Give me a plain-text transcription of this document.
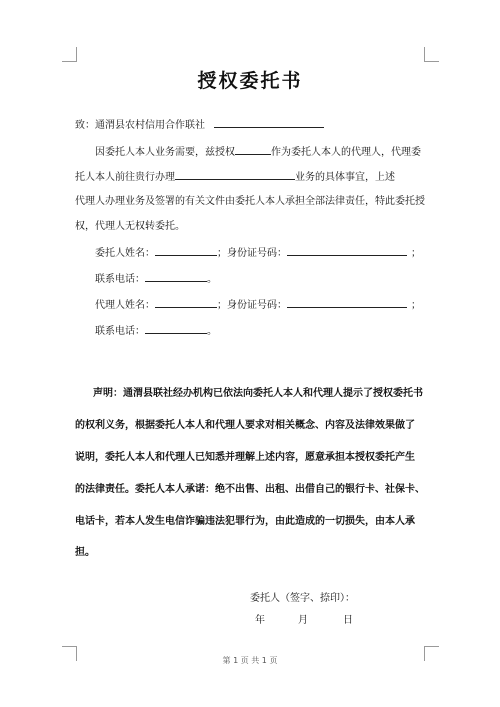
授权委托书
致：通渭县农村信用合作联社
因委托人本人业务需要，兹授权	作为委托人本人的代理人，代理委
托人本人前往贵行办理	业务的具体事宜，上述
代理人办理业务及签署的有关文件由委托人本人承担全部法律责任，特此委托授
权，代理人无权转委托。
委托人姓名：	；身份证号码：	；
联系电话：	。
代理人姓名：	；身份证号码：	；
联系电话：	。
声明：通渭县联社经办机构已依法向委托人本人和代理人提示了授权委托书
的权利义务，根据委托人本人和代理人要求对相关概念、内容及法律效果做了
说明，委托人本人和代理人已知悉并理解上述内容，愿意承担本授权委托产生
的法律责任。委托人本人承诺：绝不出售、出租、出借自己的银行卡、社保卡、
电话卡，若本人发生电信诈骗违法犯罪行为，由此造成的一切损失，由本人承
担。
委托人（签字、捺印）：
年	月	日
第 1 页 共 1 页
